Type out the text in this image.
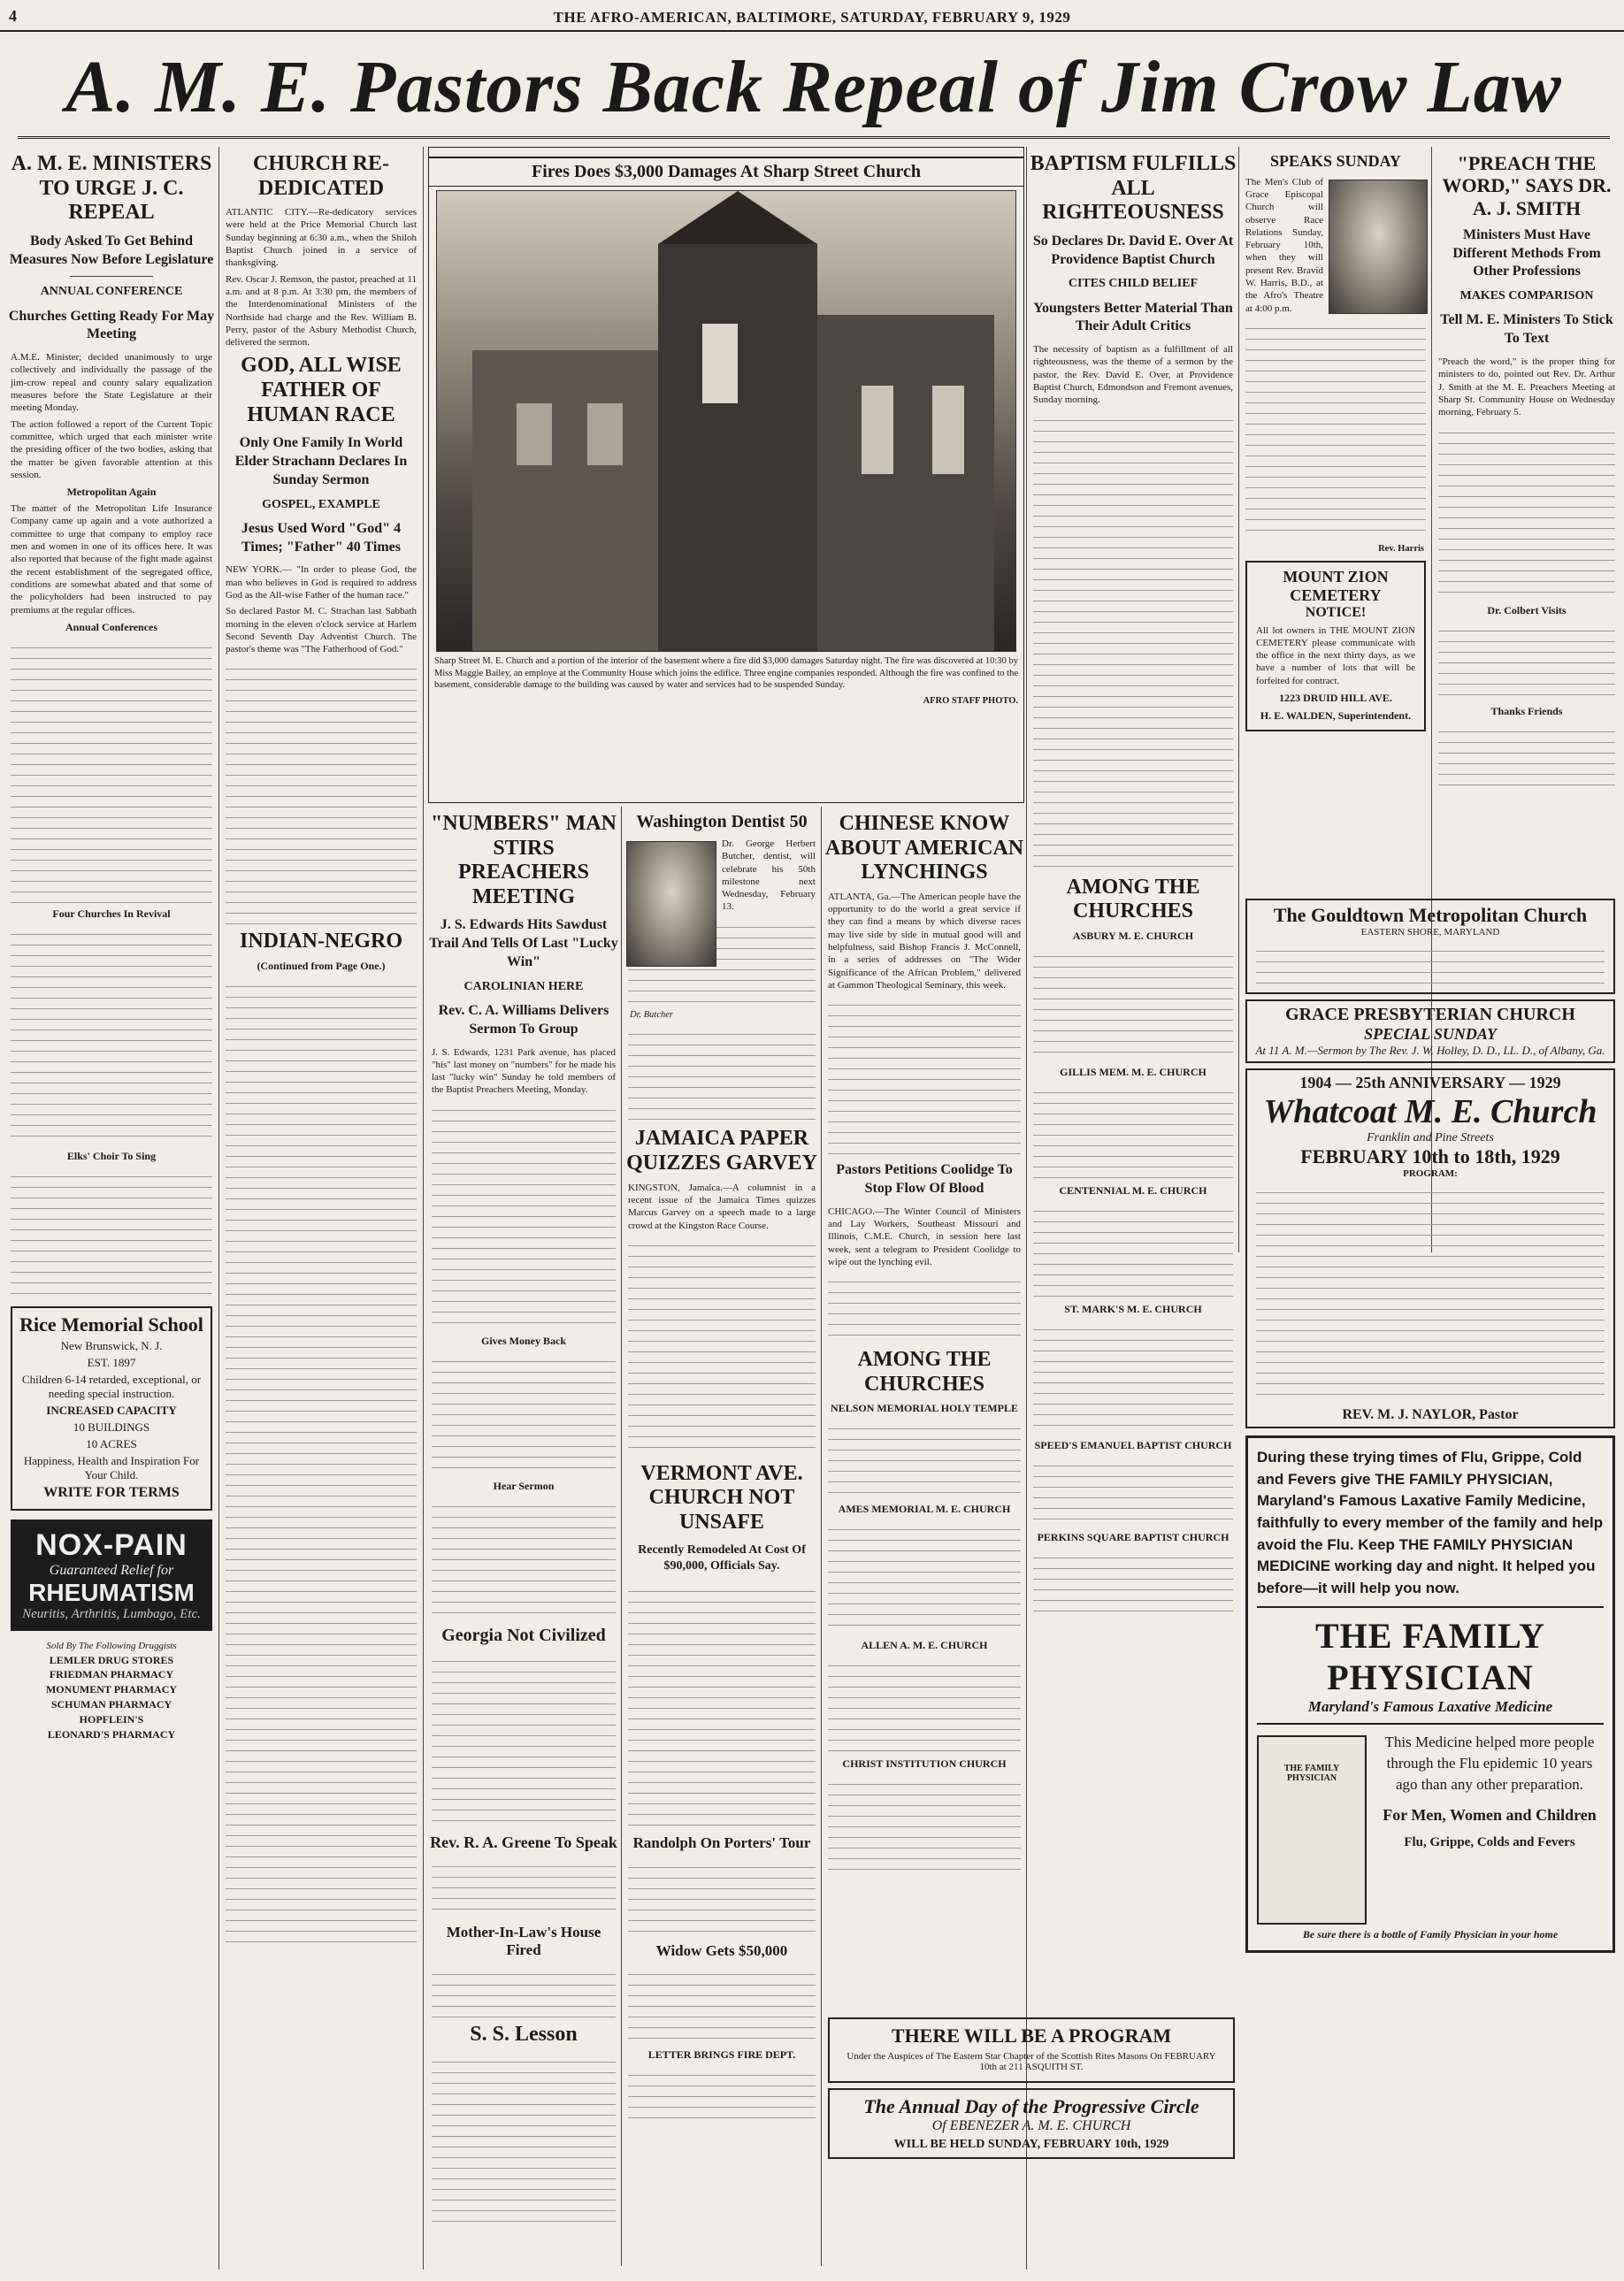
4	THE AFRO-AMERICAN, BALTIMORE, SATURDAY, FEBRUARY 9, 1929
A. M. E. Pastors Back Repeal of Jim Crow Law
A. M. E. MINISTERS TO URGE J. C. REPEAL
Body Asked To Get Behind Measures Now Before Legislature
ANNUAL CONFERENCE
Churches Getting Ready For May Meeting
A.M.E. Minister; decided unanimously to urge collectively and individually the passage of the jim-crow repeal and county salary equalization measures before the State Legislature at their meeting Monday.
The action followed a report of the Current Topic committee, which urged that each minister write the presiding officer of the two bodies, asking that the matter be given favorable attention at this session.
Metropolitan Again
The matter of the Metropolitan Life Insurance Company came up again and a vote authorized a committee to urge that company to employ race men and women in one of its offices here. It was also reported that because of the fight made against the recent establishment of the segregated office, conditions are somewhat abated and that some of the policyholders had been instructed to pay premiums at the regular offices.
Annual Conferences
Four Churches In Revival
Elks' Choir To Sing
Rice Memorial School
New Brunswick, N. J.
EST. 1897
Children 6-14 retarded, exceptional, or needing special instruction.
INCREASED CAPACITY
10 BUILDINGS
10 ACRES
Happiness, Health and Inspiration For Your Child.
WRITE FOR TERMS
NOX-PAIN
Guaranteed Relief for
RHEUMATISM
Neuritis, Arthritis, Lumbago, Etc.
Sold By The Following Druggists
LEMLER DRUG STORES
FRIEDMAN PHARMACY
MONUMENT PHARMACY
SCHUMAN PHARMACY
HOPFLEIN'S
LEONARD'S PHARMACY
CHURCH RE-DEDICATED
ATLANTIC CITY.—Re-dedicatory services were held at the Price Memorial Church last Sunday beginning at 6:30 a.m., when the Shiloh Baptist Church joined in a service of thanksgiving.
Rev. Oscar J. Remson, the pastor, preached at 11 a.m. and at 8 p.m. At 3:30 pm, the members of the Interdenominational Ministers of the Northside had charge and the Rev. William B. Perry, pastor of the Asbury Methodist Church, delivered the sermon.
GOD, ALL WISE FATHER OF HUMAN RACE
Only One Family In World Elder Strachann Declares In Sunday Sermon
GOSPEL, EXAMPLE
Jesus Used Word "God" 4 Times; "Father" 40 Times
NEW YORK.— "In order to please God, the man who believes in God is required to address God as the All-wise Father of the human race."
So declared Pastor M. C. Strachan last Sabbath morning in the eleven o'clock service at Harlem Second Seventh Day Adventist Church. The pastor's theme was "The Fatherhood of God."
INDIAN-NEGRO
(Continued from Page One.)
Fires Does $3,000 Damages At Sharp Street Church
Sharp Street M. E. Church and a portion of the interior of the basement where a fire did $3,000 damages Saturday night. The fire was discovered at 10:30 by Miss Maggie Bailey, an employe at the Community House which joins the edifice. Three engine companies responded. Although the fire was confined to the basement, considerable damage to the building was caused by water and services had to be suspended Sunday.
AFRO STAFF PHOTO.
"NUMBERS" MAN STIRS PREACHERS MEETING
J. S. Edwards Hits Sawdust Trail And Tells Of Last "Lucky Win"
CAROLINIAN HERE
Rev. C. A. Williams Delivers Sermon To Group
J. S. Edwards, 1231 Park avenue, has placed "his" last money on "numbers" for he made his last "lucky win" Sunday he told members of the Baptist Preachers Meeting, Monday.
Gives Money Back
Hear Sermon
Georgia Not Civilized
Rev. R. A. Greene To Speak
Mother-In-Law's House Fired
S. S. Lesson
Washington Dentist 50
Dr. George Herbert Butcher, dentist, will celebrate his 50th milestone next Wednesday, February 13.
Dr. Butcher
JAMAICA PAPER QUIZZES GARVEY
KINGSTON, Jamaica.—A columnist in a recent issue of the Jamaica Times quizzes Marcus Garvey on a speech made to a large crowd at the Kingston Race Course.
VERMONT AVE. CHURCH NOT UNSAFE
Recently Remodeled At Cost Of $90,000, Officials Say.
Randolph On Porters' Tour
Widow Gets $50,000
LETTER BRINGS FIRE DEPT.
CHINESE KNOW ABOUT AMERICAN LYNCHINGS
ATLANTA, Ga.—The American people have the opportunity to do the world a great service if they can find a means by which diverse races may live side by side in mutual good will and helpfulness, said Bishop Francis J. McConnell, in a series of addresses on "The Wider Significance of the African Problem," delivered at Gammon Theological Seminary, this week.
Pastors Petitions Coolidge To Stop Flow Of Blood
CHICAGO.—The Winter Council of Ministers and Lay Workers, Southeast Missouri and Illinois, C.M.E. Church, in session here last week, sent a telegram to President Coolidge to wipe out the lynching evil.
AMONG THE CHURCHES
NELSON MEMORIAL HOLY TEMPLE
AMES MEMORIAL M. E. CHURCH
ALLEN A. M. E. CHURCH
CHRIST INSTITUTION CHURCH
THERE WILL BE A PROGRAM
Under the Auspices of The Eastern Star Chapter of the Scottish Rites Masons On FEBRUARY 10th at 211 ASQUITH ST.
The Annual Day of the Progressive Circle
Of EBENEZER A. M. E. CHURCH
WILL BE HELD SUNDAY, FEBRUARY 10th, 1929
BAPTISM FULFILLS ALL RIGHTEOUSNESS
So Declares Dr. David E. Over At Providence Baptist Church
CITES CHILD BELIEF
Youngsters Better Material Than Their Adult Critics
The necessity of baptism as a fulfillment of all righteousness, was the theme of a sermon by the pastor, the Rev. David E. Over, at Providence Baptist Church, Edmondson and Fremont avenues, Sunday morning.
AMONG THE CHURCHES
ASBURY M. E. CHURCH
GILLIS MEM. M. E. CHURCH
CENTENNIAL M. E. CHURCH
ST. MARK'S M. E. CHURCH
SPEED'S EMANUEL BAPTIST CHURCH
PERKINS SQUARE BAPTIST CHURCH
SPEAKS SUNDAY
The Men's Club of Grace Episcopal Church will observe Race Relations Sunday, February 10th, when they will present Rev. Bravid W. Harris, B.D., at the Afro's Theatre at 4:00 p.m.
Rev. Harris
MOUNT ZION CEMETERY
NOTICE!
All lot owners in THE MOUNT ZION CEMETERY please communicate with the office in the next thirty days, as we have a number of lots that will be forfeited for contract.
1223 DRUID HILL AVE.
H. E. WALDEN, Superintendent.
"PREACH THE WORD," SAYS DR. A. J. SMITH
Ministers Must Have Different Methods From Other Professions
MAKES COMPARISON
Tell M. E. Ministers To Stick To Text
"Preach the word," is the proper thing for ministers to do, pointed out Rev. Dr. Arthur J. Smith at the M. E. Preachers Meeting at Sharp St. Community House on Wednesday morning, February 5.
Dr. Colbert Visits
Thanks Friends
The Gouldtown Metropolitan Church
EASTERN SHORE, MARYLAND
GRACE PRESBYTERIAN CHURCH
SPECIAL SUNDAY
At 11 A. M.—Sermon by The Rev. J. W. Holley, D. D., LL. D., of Albany, Ga.
1904 — 25th ANNIVERSARY — 1929
Whatcoat M. E. Church
Franklin and Pine Streets
FEBRUARY 10th to 18th, 1929
PROGRAM:
REV. M. J. NAYLOR, Pastor
During these trying times of Flu, Grippe, Cold and Fevers give THE FAMILY PHYSICIAN, Maryland's Famous Laxative Family Medicine, faithfully to every member of the family and help avoid the Flu. Keep THE FAMILY PHYSICIAN MEDICINE working day and night. It helped you before—it will help you now.
THE FAMILY PHYSICIAN
Maryland's Famous Laxative Medicine
THE FAMILY PHYSICIAN
This Medicine helped more people through the Flu epidemic 10 years ago than any other preparation.
For Men, Women and Children
Flu, Grippe, Colds and Fevers
Be sure there is a bottle of Family Physician in your home
